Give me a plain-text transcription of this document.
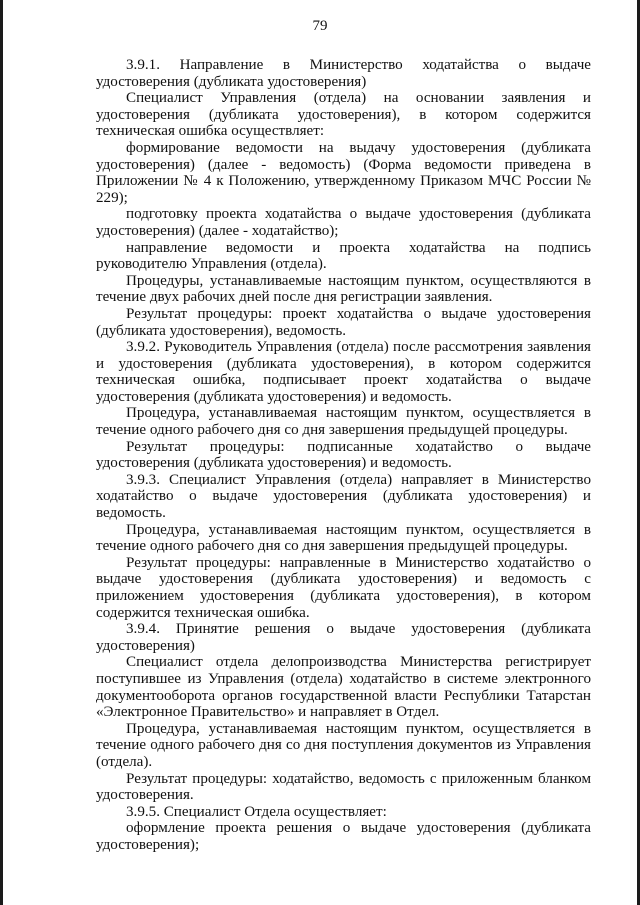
79

3.9.1. Направление в Министерство ходатайства о выдаче удостоверения (дубликата удостоверения)

Специалист Управления (отдела) на основании заявления и удостоверения (дубликата удостоверения), в котором содержится техническая ошибка осуществляет:

формирование ведомости на выдачу удостоверения (дубликата удостоверения) (далее - ведомость) (Форма ведомости приведена в Приложении № 4 к Положению, утвержденному Приказом МЧС России № 229);

подготовку проекта ходатайства о выдаче удостоверения (дубликата удостоверения) (далее - ходатайство);

направление ведомости и проекта ходатайства на подпись руководителю Управления (отдела).

Процедуры, устанавливаемые настоящим пунктом, осуществляются в течение двух рабочих дней после дня регистрации заявления.

Результат процедуры: проект ходатайства о выдаче удостоверения (дубликата удостоверения), ведомость.

3.9.2. Руководитель Управления (отдела) после рассмотрения заявления и удостоверения (дубликата удостоверения), в котором содержится техническая ошибка, подписывает проект ходатайства о выдаче удостоверения (дубликата удостоверения) и ведомость.

Процедура, устанавливаемая настоящим пунктом, осуществляется в течение одного рабочего дня со дня завершения предыдущей процедуры.

Результат процедуры: подписанные ходатайство о выдаче удостоверения (дубликата удостоверения) и ведомость.

3.9.3. Специалист Управления (отдела) направляет в Министерство ходатайство о выдаче удостоверения (дубликата удостоверения) и ведомость.

Процедура, устанавливаемая настоящим пунктом, осуществляется в течение одного рабочего дня со дня завершения предыдущей процедуры.

Результат процедуры: направленные в Министерство ходатайство о выдаче удостоверения (дубликата удостоверения) и ведомость с приложением удостоверения (дубликата удостоверения), в котором содержится техническая ошибка.

3.9.4. Принятие решения о выдаче удостоверения (дубликата удостоверения)

Специалист отдела делопроизводства Министерства регистрирует поступившее из Управления (отдела) ходатайство в системе электронного документооборота органов государственной власти Республики Татарстан «Электронное Правительство» и направляет в Отдел.

Процедура, устанавливаемая настоящим пунктом, осуществляется в течение одного рабочего дня со дня поступления документов из Управления (отдела).

Результат процедуры: ходатайство, ведомость с приложенным бланком удостоверения.

3.9.5. Специалист Отдела осуществляет:

оформление проекта решения о выдаче удостоверения (дубликата удостоверения);
